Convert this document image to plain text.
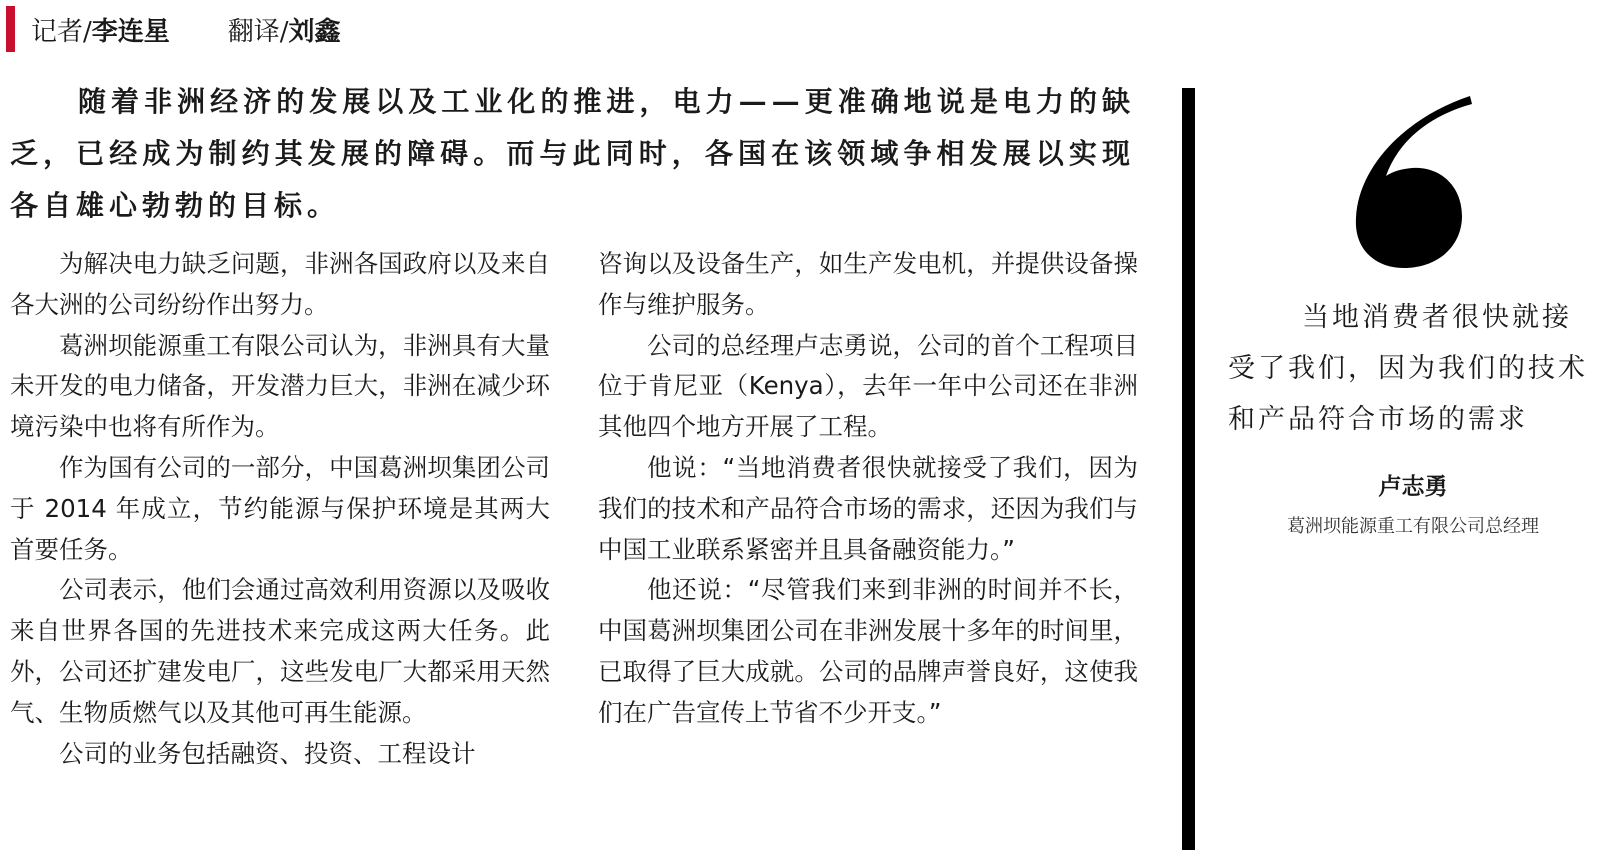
记者/ 李连星 翻译/ 刘鑫

随着非洲经济的发展以及工业化的推进，电力——更准确地说是电力的缺乏，已经成为制约其发展的障碍。而与此同时，各国在该领域争相发展以实现各自雄心勃勃的目标。

为解决电力缺乏问题，非洲各国政府以及来自各大洲的公司纷纷作出努力。

葛洲坝能源重工有限公司认为，非洲具有大量未开发的电力储备，开发潜力巨大，非洲在减少环境污染中也将有所作为。

作为国有公司的一部分，中国葛洲坝集团公司于 2014 年成立，节约能源与保护环境是其两大首要任务。

公司表示，他们会通过高效利用资源以及吸收来自世界各国的先进技术来完成这两大任务。此外，公司还扩建发电厂，这些发电厂大都采用天然气、生物质燃气以及其他可再生能源。

公司的业务包括融资、投资、工程设计

咨询以及设备生产，如生产发电机，并提供设备操作与维护服务。

公司的总经理卢志勇说，公司的首个工程项目位于肯尼亚（Kenya），去年一年中公司还在非洲其他四个地方开展了工程。

他说：“当地消费者很快就接受了我们，因为我们的技术和产品符合市场的需求，还因为我们与中国工业联系紧密并且具备融资能力。”

他还说：“尽管我们来到非洲的时间并不长，中国葛洲坝集团公司在非洲发展十多年的时间里，已取得了巨大成就。公司的品牌声誉良好，这使我们在广告宣传上节省不少开支。”

当地消费者很快就接受了我们，因为我们的技术和产品符合市场的需求

卢志勇
葛洲坝能源重工有限公司总经理
